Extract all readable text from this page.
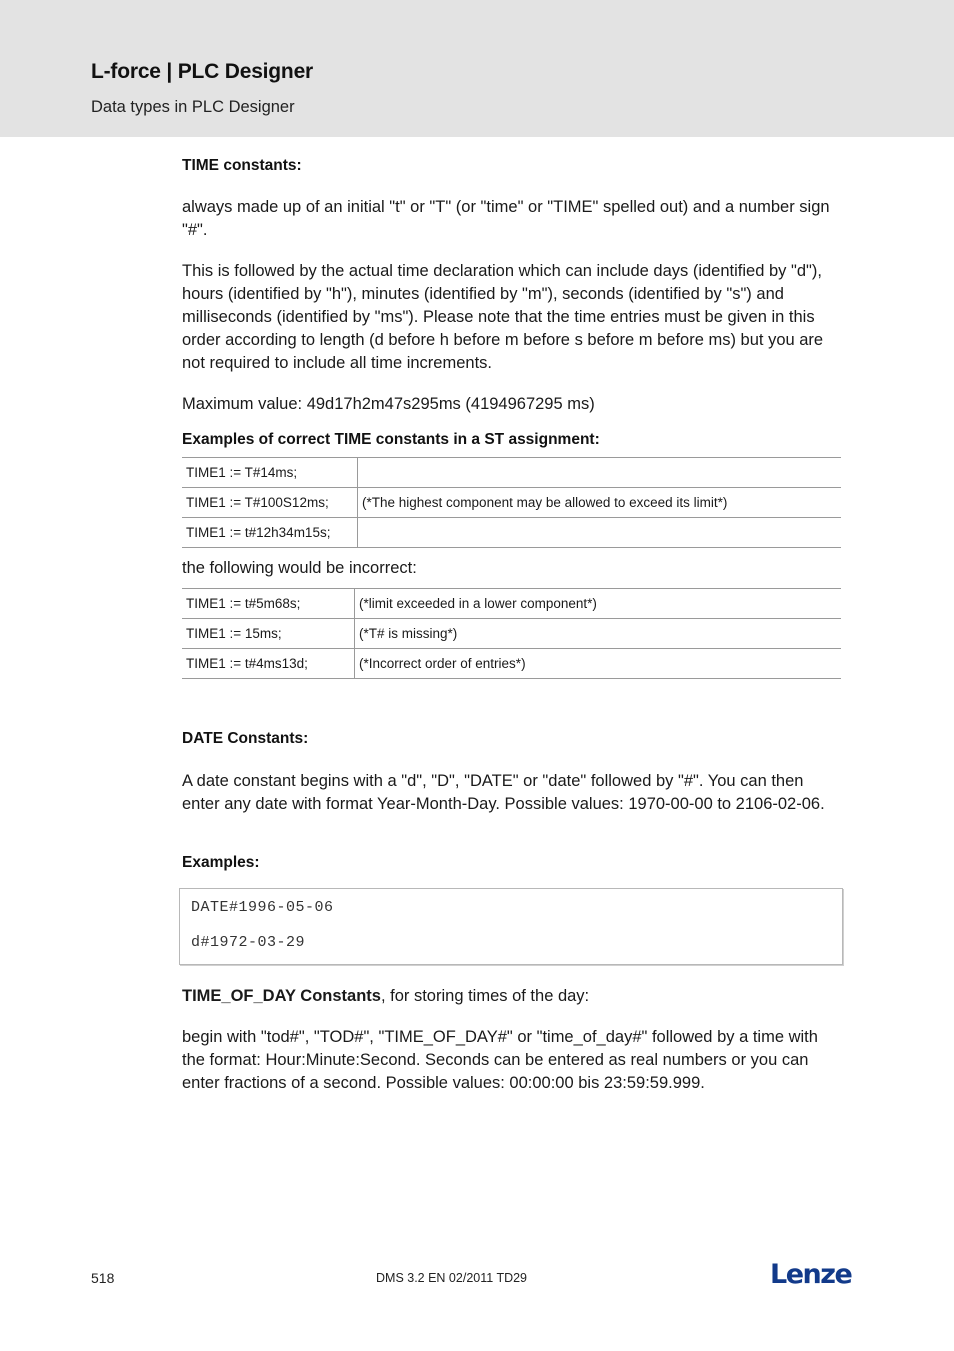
L-force | PLC Designer
Data types in PLC Designer
TIME constants:
always made up of an initial "t" or "T" (or "time" or "TIME" spelled out) and a number sign "#".
This is followed by the actual time declaration which can include days (identified by "d"), hours (identified by "h"), minutes (identified by "m"), seconds (identified by "s") and milliseconds (identified by "ms"). Please note that the time entries must be given in this order according to length (d before h before m before s before m before ms) but you are not required to include all time increments.
Maximum value: 49d17h2m47s295ms (4194967295 ms)
Examples of correct TIME constants in a ST assignment:
TIME1 := T#14ms;	
TIME1 := T#100S12ms;	(*The highest component may be allowed to exceed its limit*)
TIME1 := t#12h34m15s;	
the following would be incorrect:
TIME1 := t#5m68s;	(*limit exceeded in a lower component*)
TIME1 := 15ms;	(*T# is missing*)
TIME1 := t#4ms13d;	(*Incorrect order of entries*)
DATE Constants:
A date constant begins with a "d", "D", "DATE" or "date" followed by "#". You can then enter any date with format Year-Month-Day. Possible values: 1970-00-00 to 2106-02-06.
Examples:
TIME_OF_DAY Constants, for storing times of the day:
begin with "tod#", "TOD#", "TIME_OF_DAY#" or "time_of_day#" followed by a time with the format: Hour:Minute:Second. Seconds can be entered as real numbers or you can enter fractions of a second. Possible values: 00:00:00 bis 23:59:59.999.
DATE#1996-05-06
d#1972-03-29
518	DMS 3.2 EN 02/2011 TD29	Lenze
